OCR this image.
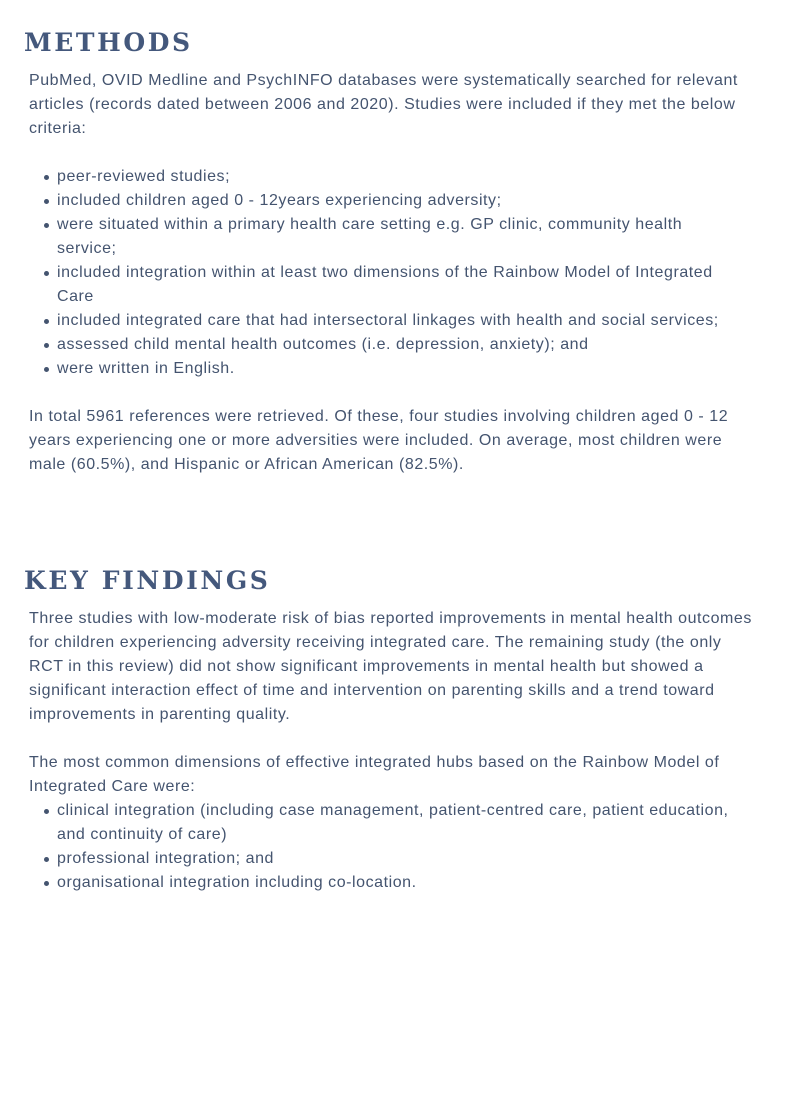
METHODS

PubMed, OVID Medline and PsychINFO databases were systematically searched for relevant articles (records dated between 2006 and 2020). Studies were included if they met the below criteria:

peer-reviewed studies;
included children aged 0 - 12years experiencing adversity;
were situated within a primary health care setting e.g. GP clinic, community health service;
included integration within at least two dimensions of the Rainbow Model of Integrated Care
included integrated care that had intersectoral linkages with health and social services;
assessed child mental health outcomes (i.e. depression, anxiety); and
were written in English.

In total 5961 references were retrieved. Of these, four studies involving children aged 0 - 12 years experiencing one or more adversities were included. On average, most children were male (60.5%), and Hispanic or African American (82.5%).

KEY FINDINGS

Three studies with low-moderate risk of bias reported improvements in mental health outcomes for children experiencing adversity receiving integrated care. The remaining study (the only RCT in this review) did not show significant improvements in mental health but showed a significant interaction effect of time and intervention on parenting skills and a trend toward improvements in parenting quality.

The most common dimensions of effective integrated hubs based on the Rainbow Model of Integrated Care were:

clinical integration (including case management, patient-centred care, patient education, and continuity of care)
professional integration; and
organisational integration including co-location.
